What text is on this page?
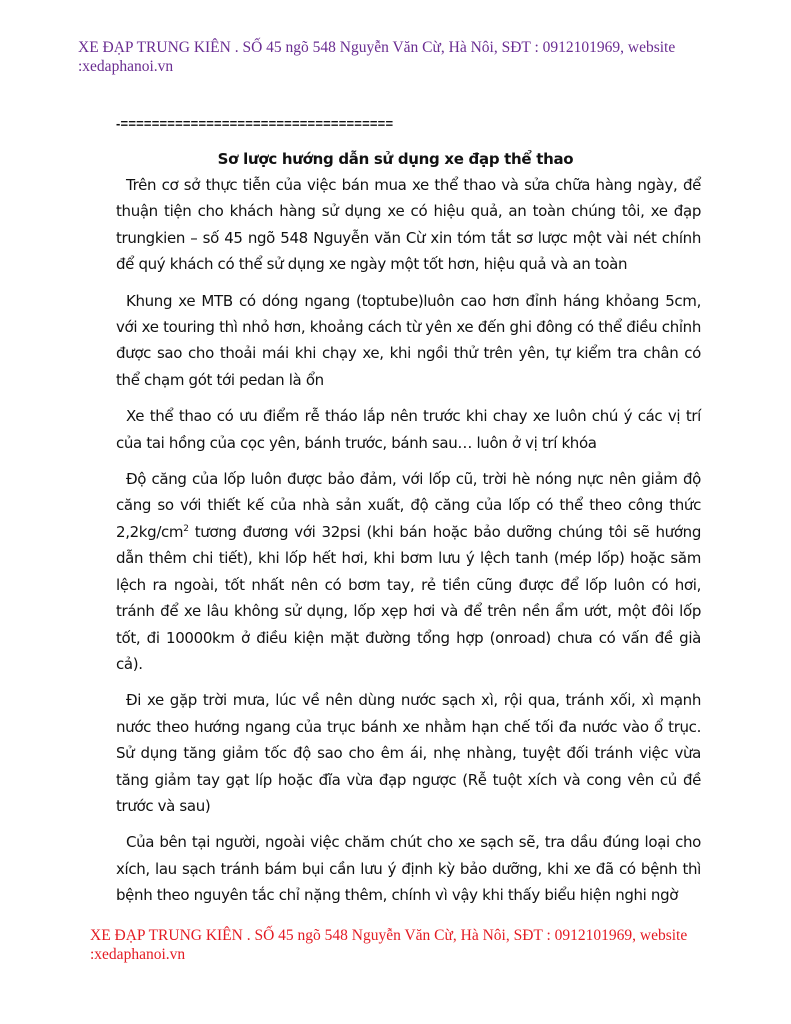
XE ĐẠP TRUNG KIÊN . SỐ 45 ngõ 548 Nguyễn Văn Cừ, Hà Nôi, SĐT : 0912101969, website
:xedaphanoi.vn
-===================================
Sơ lược hướng dẫn sử dụng xe đạp thể thao

Trên cơ sở thực tiễn của việc bán mua xe thể thao và sửa chữa hàng ngày, để thuận tiện cho khách hàng sử dụng xe có hiệu quả, an toàn chúng tôi, xe đạp trungkien – số 45 ngõ 548 Nguyễn văn Cừ xin tóm tắt sơ lược một vài nét chính để quý khách có thể sử dụng xe ngày một tốt hơn, hiệu quả và an toàn

Khung xe MTB có dóng ngang (toptube)luôn cao hơn đỉnh háng khỏang 5cm, với xe touring thì nhỏ hơn, khoảng cách từ yên xe đến ghi đông có thể điều chỉnh được sao cho thoải mái khi chạy xe, khi ngồi thử trên yên, tự kiểm tra chân có thể chạm gót tới pedan là ổn

Xe thể thao có ưu điểm rễ tháo lắp nên trước khi chay xe luôn chú ý các vị trí của tai hồng của cọc yên, bánh trước, bánh sau… luôn ở vị trí khóa

Độ căng của lốp luôn được bảo đảm, với lốp cũ, trời hè nóng nực nên giảm độ căng so với thiết kế của nhà sản xuất, độ căng của lốp có thể theo công thức $2,2kg/cm^2$ tương đương với 32psi (khi bán hoặc bảo dưỡng chúng tôi sẽ hướng dẫn thêm chi tiết), khi lốp hết hơi, khi bơm lưu ý lệch tanh (mép lốp) hoặc săm lệch ra ngoài, tốt nhất nên có bơm tay, rẻ tiền cũng được để lốp luôn có hơi, tránh để xe lâu không sử dụng, lốp xẹp hơi và để trên nền ẩm ướt, một đôi lốp tốt, đi 10000km ở điều kiện mặt đường tổng hợp (onroad) chưa có vấn đề già cả).

Đi xe gặp trời mưa, lúc về nên dùng nước sạch xì, rội qua, tránh xối, xì mạnh nước theo hướng ngang của trục bánh xe nhằm hạn chế tối đa nước vào ổ trục. Sử dụng tăng giảm tốc độ sao cho êm ái, nhẹ nhàng, tuyệt đối tránh việc vừa tăng giảm tay gạt líp hoặc đĩa vừa đạp ngược (Rễ tuột xích và cong vên củ đề trước và sau)

Của bên tại người, ngoài việc chăm chút cho xe sạch sẽ, tra dầu đúng loại cho xích, lau sạch tránh bám bụi cần lưu ý định kỳ bảo dưỡng, khi xe đã có bệnh thì bệnh theo nguyên tắc chỉ nặng thêm, chính vì vậy khi thấy biểu hiện nghi ngờ

XE ĐẠP TRUNG KIÊN . SỐ 45 ngõ 548 Nguyễn Văn Cừ, Hà Nôi, SĐT : 0912101969, website
:xedaphanoi.vn
